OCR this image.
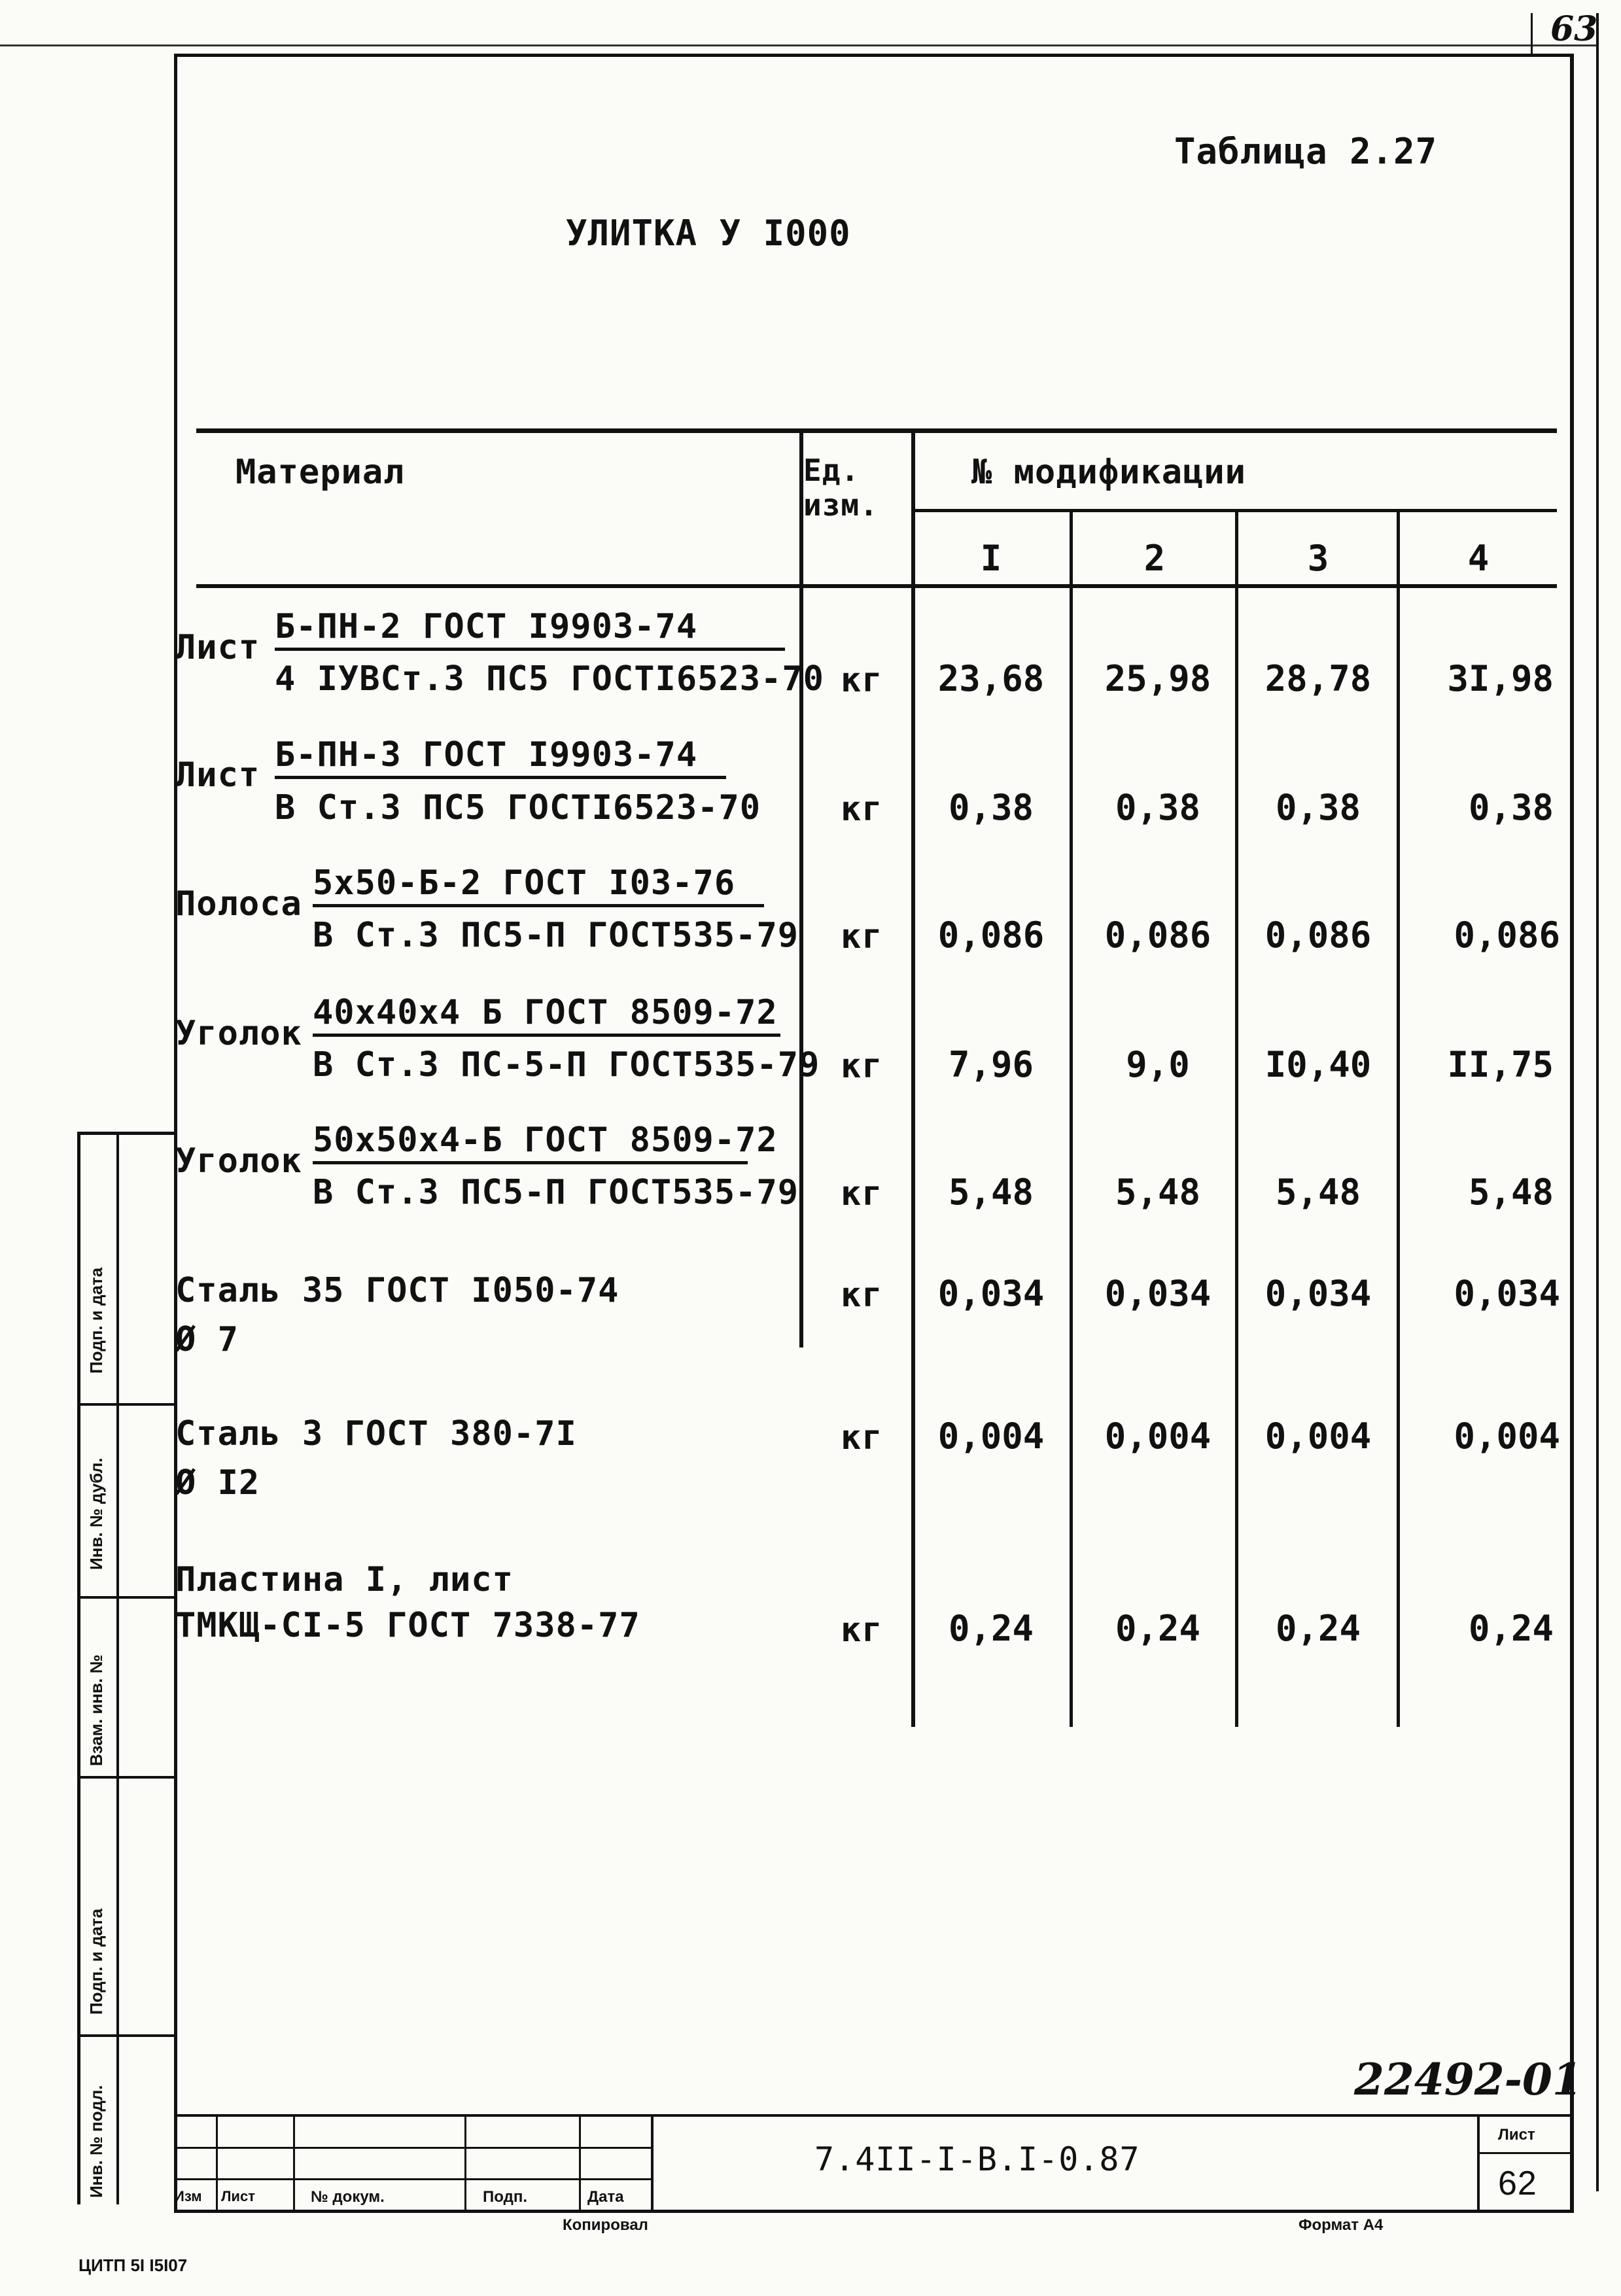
63
Таблица 2.27
УЛИТКА У I000
Материал	Ед.
изм.
№ модификации
I	2	3	4
Лист
Б-ПН-2 ГОСТ I9903-74
4 IУВСт.3 ПС5 ГОСТI6523-70 кг	23,68	25,98	28,78	3I,98
Лист
Б-ПН-3 ГОСТ I9903-74
В Ст.3 ПС5 ГОСТI6523-70 кг	0,38	0,38	0,38	0,38
Полоса
5х50-Б-2 ГОСТ I03-76
В Ст.3 ПС5-П ГОСТ535-79 кг	0,086	0,086	0,086	0,086
Уголок
40х40х4 Б ГОСТ 8509-72
В Ст.3 ПС-5-П ГОСТ535-79 кг	7,96	9,0	I0,40	II,75
Уголок
50х50х4-Б ГОСТ 8509-72
В Ст.3 ПС5-П ГОСТ535-79 кг	5,48	5,48	5,48	5,48
Сталь 35 ГОСТ I050-74
Ø 7
кг	0,034	0,034	0,034	0,034
Сталь 3 ГОСТ 380-7I
Ø I2
кг	0,004	0,004	0,004	0,004
Пластина I, лист
ТМКЩ-СI-5 ГОСТ 7338-77	кг	0,24	0,24	0,24	0,24
Подп. и дата
Инв. № дубл.
Взам. инв. №
Подп. и дата
Инв. № подл.
22492-01
Изм Лист	№ докум.	Подп.	Дата
7.4II-I-В.I-0.87
Лист
62
Копировал	Формат А4
ЦИТП 5I I5I07
